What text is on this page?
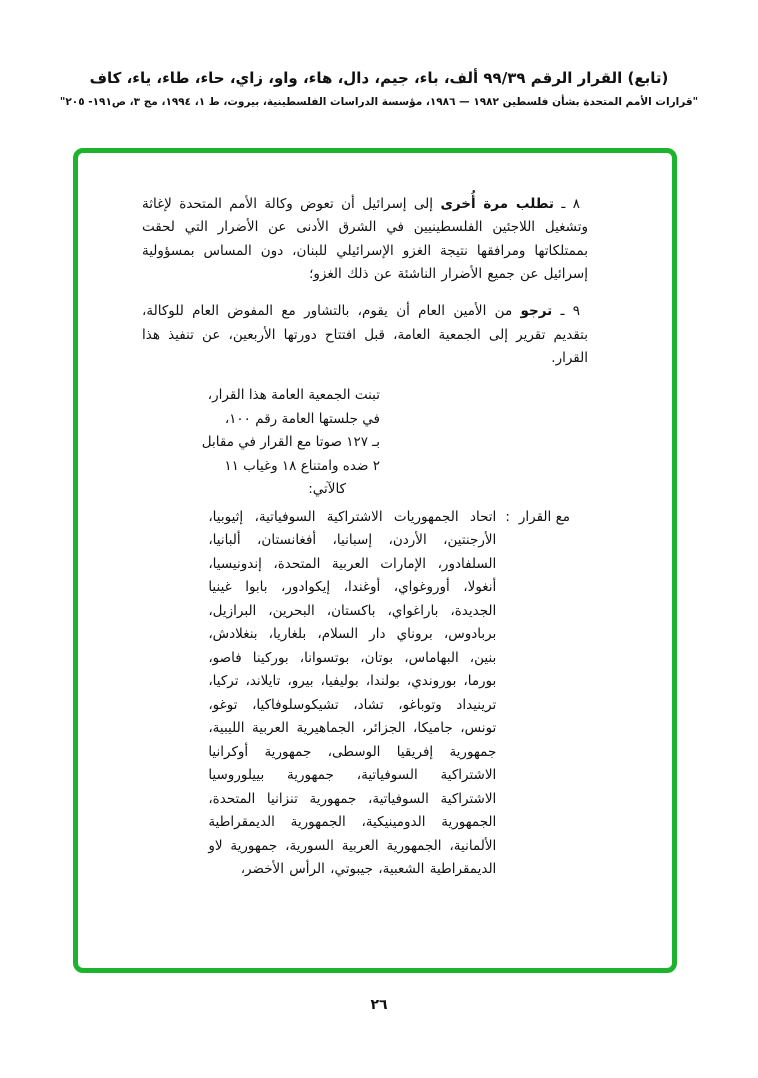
(تابع) القرار الرقم ٩٩/٣٩ ألف، باء، جيم، دال، هاء، واو، زاي، حاء، طاء، ياء، كاف
"قرارات الأمم المتحدة بشأن فلسطين ١٩٨٢ — ١٩٨٦، مؤسسة الدراسات الفلسطينية، بيروت، ط ١، ١٩٩٤، مج ٣، ص١٩١- ٢٠٥"

٨ ـ تطلب مرة أُخرى إلى إسرائيل أن تعوض وكالة الأمم المتحدة لإغاثة وتشغيل اللاجئين الفلسطينيين في الشرق الأدنى عن الأضرار التي لحقت بممتلكاتها ومرافقها نتيجة الغزو الإسرائيلي للبنان، دون المساس بمسؤولية إسرائيل عن جميع الأضرار الناشئة عن ذلك الغزو؛

٩ ـ ترجو من الأمين العام أن يقوم، بالتشاور مع المفوض العام للوكالة، بتقديم تقرير إلى الجمعية العامة، قبل افتتاح دورتها الأربعين، عن تنفيذ هذا القرار.

تبنت الجمعية العامة هذا القرار،
في جلستها العامة رقم ١٠٠،
بـ ١٢٧ صوتا مع القرار في مقابل
٢ ضده وامتناع ١٨ وغياب ١١
كالآتي:
مع القرار
:
اتحاد الجمهوريات الاشتراكية السوفياتية، إثيوبيا، الأرجنتين، الأردن، إسبانيا، أفغانستان، ألبانيا، السلفادور، الإمارات العربية المتحدة، إندونيسيا، أنغولا، أوروغواي، أوغندا، إيكوادور، بابوا غينيا الجديدة، باراغواي، باكستان، البحرين، البرازيل، بربادوس، بروناي دار السلام، بلغاريا، بنغلادش، بنين، البهاماس، بوتان، بوتسوانا، بوركينا فاصو، بورما، بوروندي، بولندا، بوليفيا، بيرو، تايلاند، تركيا، ترينيداد وتوباغو، تشاد، تشيكوسلوفاكيا، توغو، تونس، جاميكا، الجزائر، الجماهيرية العربية الليبية، جمهورية إفريقيا الوسطى، جمهورية أوكرانيا الاشتراكية السوفياتية، جمهورية بييلوروسيا الاشتراكية السوفياتية، جمهورية تنزانيا المتحدة، الجمهورية الدومينيكية، الجمهورية الديمقراطية الألمانية، الجمهورية العربية السورية، جمهورية لاو الديمقراطية الشعبية، جيبوتي، الرأس الأخضر،
٢٦
